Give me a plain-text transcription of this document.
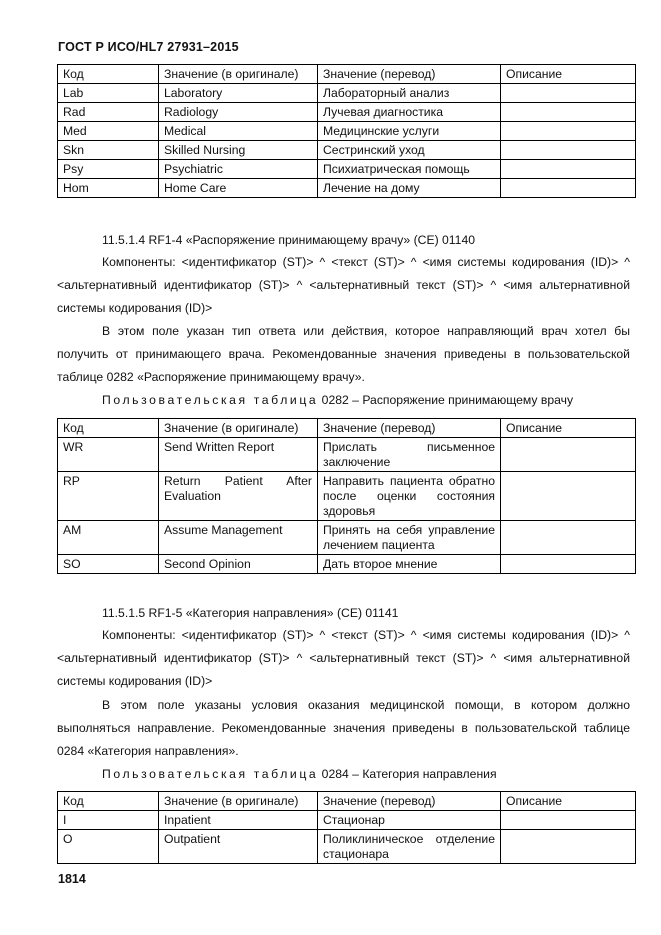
ГОСТ Р ИСО/HL7 27931–2015
Код	Значение (в оригинале)	Значение (перевод)	Описание
Lab	Laboratory	Лабораторный анализ	
Rad	Radiology	Лучевая диагностика	
Med	Medical	Медицинские услуги	
Skn	Skilled Nursing	Сестринский уход	
Psy	Psychiatric	Психиатрическая помощь	
Hom	Home Care	Лечение на дому	
11.5.1.4 RF1-4 «Распоряжение принимающему врачу» (CE) 01140
Компоненты: <идентификатор (ST)> ^ <текст (ST)> ^ <имя системы кодирования (ID)> ^ <альтернативный идентификатор (ST)> ^ <альтернативный текст (ST)> ^ <имя альтернативной системы кодирования (ID)>
В этом поле указан тип ответа или действия, которое направляющий врач хотел бы получить от принимающего врача. Рекомендованные значения приведены в пользовательской таблице 0282 «Распоряжение принимающему врачу».
Пользовательская таблица 0282 – Распоряжение принимающему врачу
Код	Значение (в оригинале)	Значение (перевод)	Описание
WR	Send Written Report	Прислать письменное заключение	
RP	Return Patient After Evaluation	Направить пациента обратно после оценки состояния здоровья	
AM	Assume Management	Принять на себя управление лечением пациента	
SO	Second Opinion	Дать второе мнение	
11.5.1.5 RF1-5 «Категория направления» (CE) 01141
Компоненты: <идентификатор (ST)> ^ <текст (ST)> ^ <имя системы кодирования (ID)> ^ <альтернативный идентификатор (ST)> ^ <альтернативный текст (ST)> ^ <имя альтернативной системы кодирования (ID)>
В этом поле указаны условия оказания медицинской помощи, в котором должно выполняться направление. Рекомендованные значения приведены в пользовательской таблице 0284 «Категория направления».
Пользовательская таблица 0284 – Категория направления
Код	Значение (в оригинале)	Значение (перевод)	Описание
I	Inpatient	Стационар	
O	Outpatient	Поликлиническое отделение стационара	
1814
